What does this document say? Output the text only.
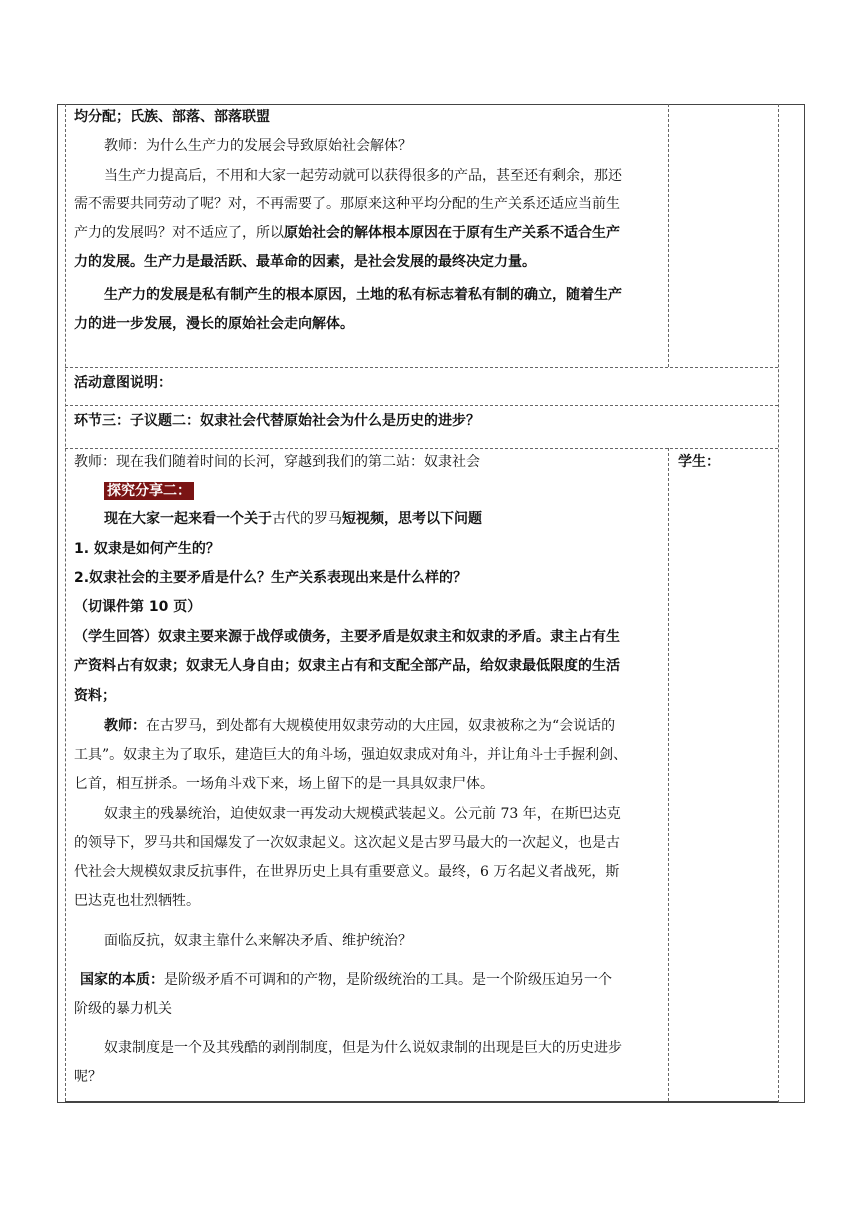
均分配；氏族、部落、部落联盟
教师：为什么生产力的发展会导致原始社会解体？
当生产力提高后，不用和大家一起劳动就可以获得很多的产品，甚至还有剩余，那还
需不需要共同劳动了呢？对，不再需要了。那原来这种平均分配的生产关系还适应当前生
产力的发展吗？对不适应了，所以原始社会的解体根本原因在于原有生产关系不适合生产
力的发展。生产力是最活跃、最革命的因素，是社会发展的最终决定力量。
生产力的发展是私有制产生的根本原因，土地的私有标志着私有制的确立，随着生产
力的进一步发展，漫长的原始社会走向解体。
活动意图说明：
环节三：子议题二：奴隶社会代替原始社会为什么是历史的进步？
学生：
教师：现在我们随着时间的长河，穿越到我们的第二站：奴隶社会
探究分享二：
现在大家一起来看一个关于古代的罗马短视频，思考以下问题
1. 奴隶是如何产生的？
2.奴隶社会的主要矛盾是什么？生产关系表现出来是什么样的？
（切课件第 10 页）
（学生回答）奴隶主要来源于战俘或债务，主要矛盾是奴隶主和奴隶的矛盾。隶主占有生
产资料占有奴隶；奴隶无人身自由；奴隶主占有和支配全部产品，给奴隶最低限度的生活
资料；
教师：在古罗马，到处都有大规模使用奴隶劳动的大庄园，奴隶被称之为“会说话的
工具”。奴隶主为了取乐，建造巨大的角斗场，强迫奴隶成对角斗，并让角斗士手握利剑、
匕首，相互拼杀。一场角斗戏下来，场上留下的是一具具奴隶尸体。
奴隶主的残暴统治，迫使奴隶一再发动大规模武装起义。公元前 73 年，在斯巴达克
的领导下，罗马共和国爆发了一次奴隶起义。这次起义是古罗马最大的一次起义，也是古
代社会大规模奴隶反抗事件，在世界历史上具有重要意义。最终，6 万名起义者战死，斯
巴达克也壮烈牺牲。
面临反抗，奴隶主靠什么来解决矛盾、维护统治？
国家的本质：是阶级矛盾不可调和的产物，是阶级统治的工具。是一个阶级压迫另一个
阶级的暴力机关
奴隶制度是一个及其残酷的剥削制度，但是为什么说奴隶制的出现是巨大的历史进步
呢？
